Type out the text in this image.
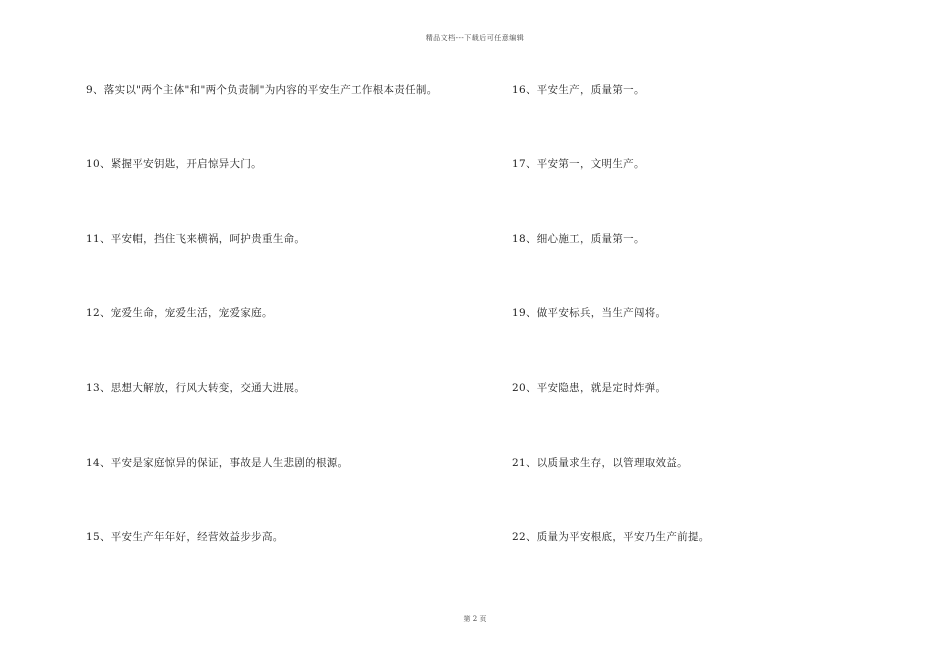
精品文档---下载后可任意编辑
9、落实以"两个主体"和"两个负责制"为内容的平安生产工作根本责任制。
10、紧握平安钥匙，开启惊异大门。
11、平安帽，挡住飞来横祸，呵护贵重生命。
12、宠爱生命，宠爱生活，宠爱家庭。
13、思想大解放，行风大转变，交通大进展。
14、平安是家庭惊异的保证，事故是人生悲剧的根源。
15、平安生产年年好，经营效益步步高。
16、平安生产，质量第一。
17、平安第一，文明生产。
18、细心施工，质量第一。
19、做平安标兵，当生产闯将。
20、平安隐患，就是定时炸弹。
21、以质量求生存，以管理取效益。
22、质量为平安根底，平安乃生产前提。
第 2 页
